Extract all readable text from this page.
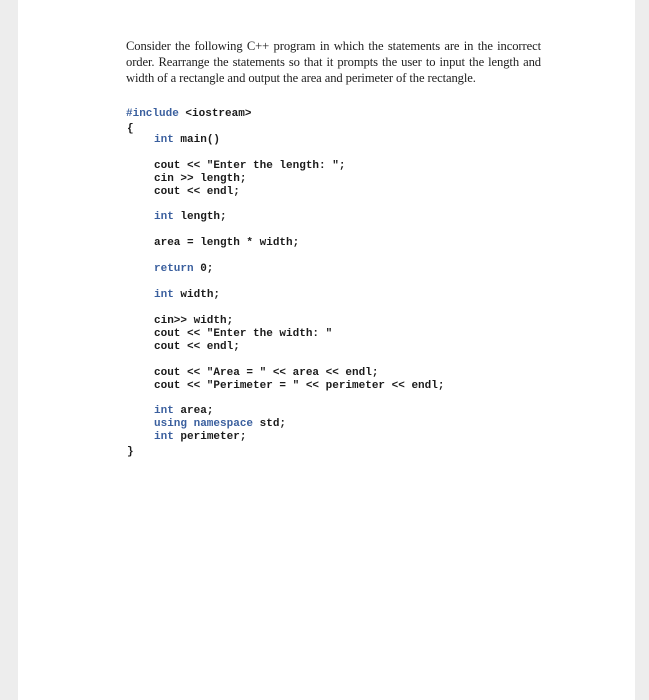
Consider the following C++ program in which the statements are in the incorrect order. Rearrange the statements so that it prompts the user to input the length and width of a rectangle and output the area and perimeter of the rectangle.
#include <iostream>
{
int main()
cout << "Enter the length: ";
cin >> length;
cout << endl;
int length;
area = length * width;
return 0;
int width;
cin>> width;
cout << "Enter the width: "
cout << endl;
cout << "Area = " << area << endl;
cout << "Perimeter = " << perimeter << endl;
int area;
using namespace std;
int perimeter;
}
